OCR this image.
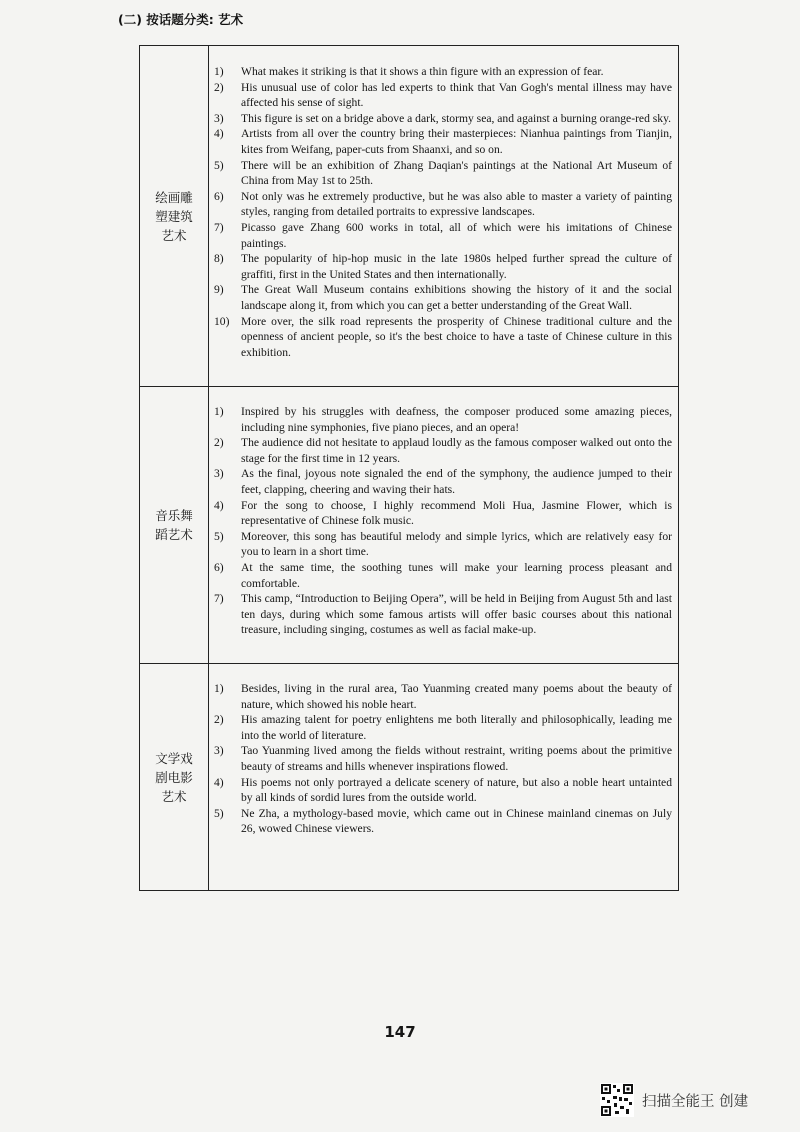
(二) 按话题分类: 艺术
绘画雕塑建筑艺术
1)	What makes it striking is that it shows a thin figure with an expression of fear.
2)	His unusual use of color has led experts to think that Van Gogh's mental illness may have affected his sense of sight.
3)	This figure is set on a bridge above a dark, stormy sea, and against a burning orange-red sky.
4)	Artists from all over the country bring their masterpieces: Nianhua paintings from Tianjin, kites from Weifang, paper-cuts from Shaanxi, and so on.
5)	There will be an exhibition of Zhang Daqian's paintings at the National Art Museum of China from May 1st to 25th.
6)	Not only was he extremely productive, but he was also able to master a variety of painting styles, ranging from detailed portraits to expressive landscapes.
7)	Picasso gave Zhang 600 works in total, all of which were his imitations of Chinese paintings.
8)	The popularity of hip-hop music in the late 1980s helped further spread the culture of graffiti, first in the United States and then internationally.
9)	The Great Wall Museum contains exhibitions showing the history of it and the social landscape along it, from which you can get a better understanding of the Great Wall.
10) More over, the silk road represents the prosperity of Chinese traditional culture and the openness of ancient people, so it's the best choice to have a taste of Chinese culture in this exhibition.
音乐舞蹈艺术
1)	Inspired by his struggles with deafness, the composer produced some amazing pieces, including nine symphonies, five piano pieces, and an opera!
2)	The audience did not hesitate to applaud loudly as the famous composer walked out onto the stage for the first time in 12 years.
3)	As the final, joyous note signaled the end of the symphony, the audience jumped to their feet, clapping, cheering and waving their hats.
4)	For the song to choose, I highly recommend Moli Hua, Jasmine Flower, which is representative of Chinese folk music.
5)	Moreover, this song has beautiful melody and simple lyrics, which are relatively easy for you to learn in a short time.
6)	At the same time, the soothing tunes will make your learning process pleasant and comfortable.
7)	This camp, “Introduction to Beijing Opera”, will be held in Beijing from August 5th and last ten days, during which some famous artists will offer basic courses about this national treasure, including singing, costumes as well as facial make-up.
文学戏剧电影艺术
1)	Besides, living in the rural area, Tao Yuanming created many poems about the beauty of nature, which showed his noble heart.
2)	His amazing talent for poetry enlightens me both literally and philosophically, leading me into the world of literature.
3)	Tao Yuanming lived among the fields without restraint, writing poems about the primitive beauty of streams and hills whenever inspirations flowed.
4)	His poems not only portrayed a delicate scenery of nature, but also a noble heart untainted by all kinds of sordid lures from the outside world.
5)	Ne Zha, a mythology-based movie, which came out in Chinese mainland cinemas on July 26, wowed Chinese viewers.
147
扫描全能王 创建
